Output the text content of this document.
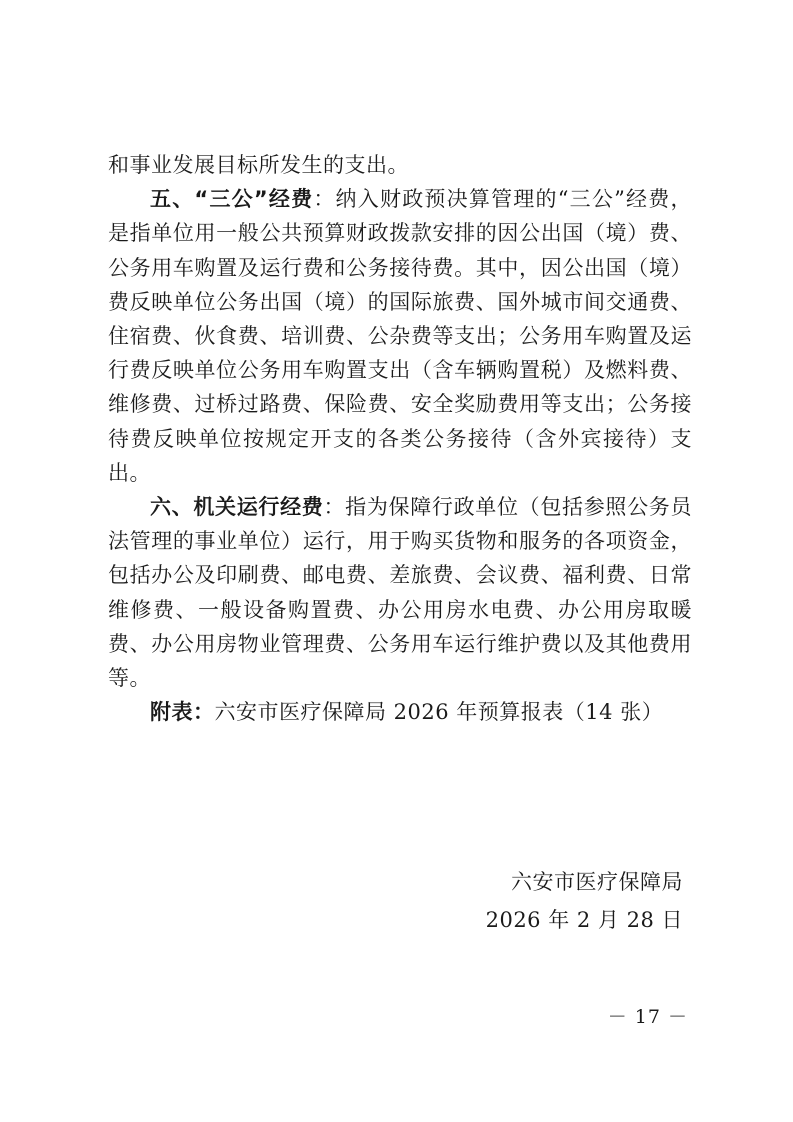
和事业发展目标所发生的支出。

五、“三公”经费：纳入财政预决算管理的“三公”经费，是指单位用一般公共预算财政拨款安排的因公出国（境）费、公务用车购置及运行费和公务接待费。其中，因公出国（境）费反映单位公务出国（境）的国际旅费、国外城市间交通费、住宿费、伙食费、培训费、公杂费等支出；公务用车购置及运行费反映单位公务用车购置支出（含车辆购置税）及燃料费、维修费、过桥过路费、保险费、安全奖励费用等支出；公务接待费反映单位按规定开支的各类公务接待（含外宾接待）支出。

六、机关运行经费：指为保障行政单位（包括参照公务员法管理的事业单位）运行，用于购买货物和服务的各项资金，包括办公及印刷费、邮电费、差旅费、会议费、福利费、日常维修费、一般设备购置费、办公用房水电费、办公用房取暖费、办公用房物业管理费、公务用车运行维护费以及其他费用等。

附表：六安市医疗保障局 2026 年预算报表（14 张）

六安市医疗保障局
2026 年 2 月 28 日
－ 17 －
